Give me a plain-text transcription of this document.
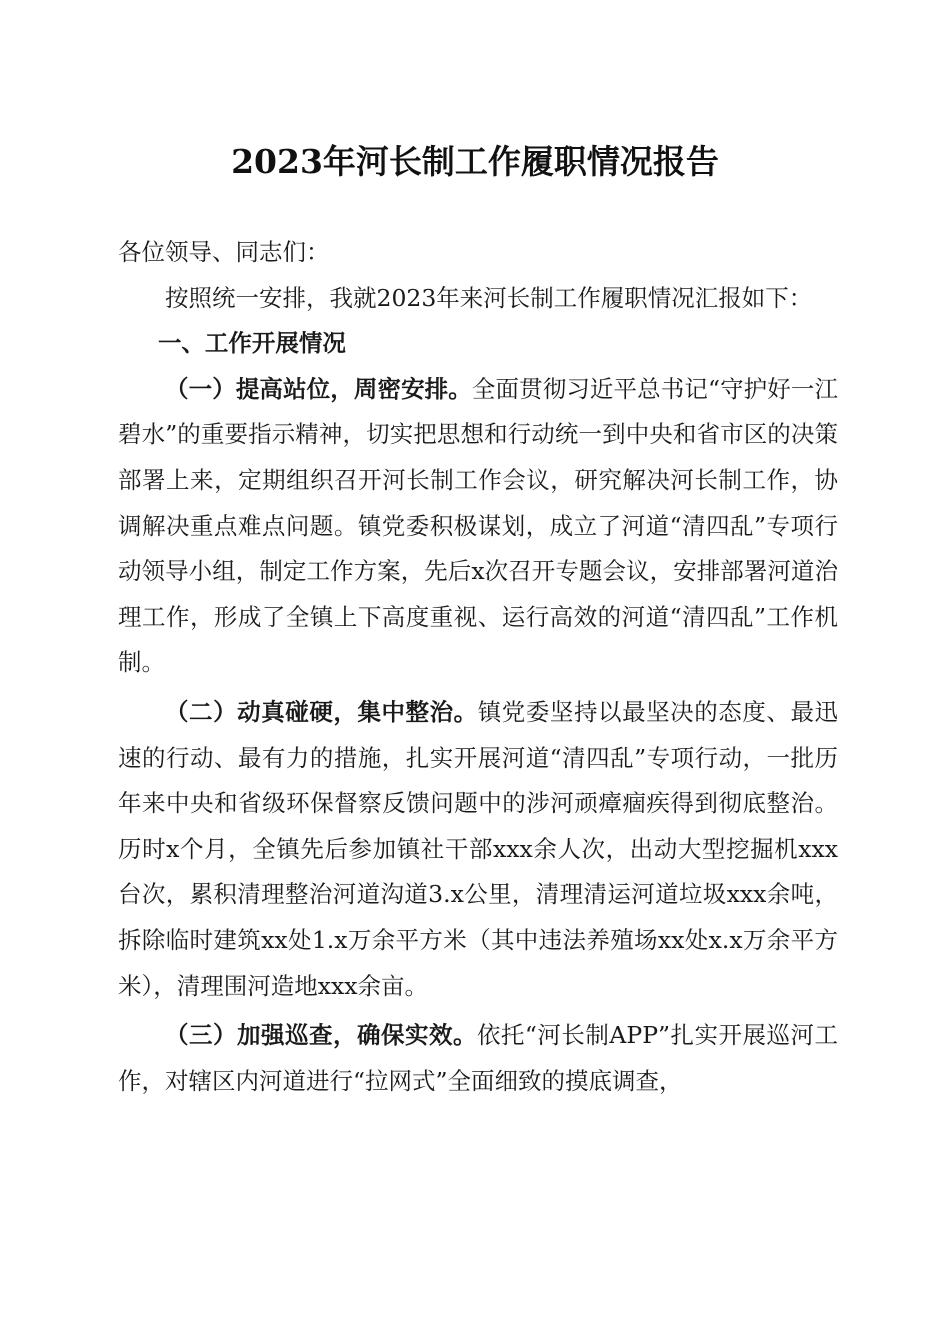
2023年河长制工作履职情况报告

各位领导、同志们：

按照统一安排，我就2023年来河长制工作履职情况汇报如下：

一、工作开展情况

（一）提高站位，周密安排。全面贯彻习近平总书记“守护好一江碧水”的重要指示精神，切实把思想和行动统一到中央和省市区的决策部署上来，定期组织召开河长制工作会议，研究解决河长制工作，协调解决重点难点问题。镇党委积极谋划，成立了河道“清四乱”专项行动领导小组，制定工作方案，先后x次召开专题会议，安排部署河道治理工作，形成了全镇上下高度重视、运行高效的河道“清四乱”工作机制。

（二）动真碰硬，集中整治。镇党委坚持以最坚决的态度、最迅速的行动、最有力的措施，扎实开展河道“清四乱”专项行动，一批历年来中央和省级环保督察反馈问题中的涉河顽瘴痼疾得到彻底整治。历时x个月，全镇先后参加镇社干部xxx余人次，出动大型挖掘机xxx台次，累积清理整治河道沟道3.x公里，清理清运河道垃圾xxx余吨，拆除临时建筑xx处1.x万余平方米（其中违法养殖场xx处x.x万余平方米），清理围河造地xxx余亩。

（三）加强巡查，确保实效。依托“河长制APP”扎实开展巡河工作，对辖区内河道进行“拉网式”全面细致的摸底调查，
